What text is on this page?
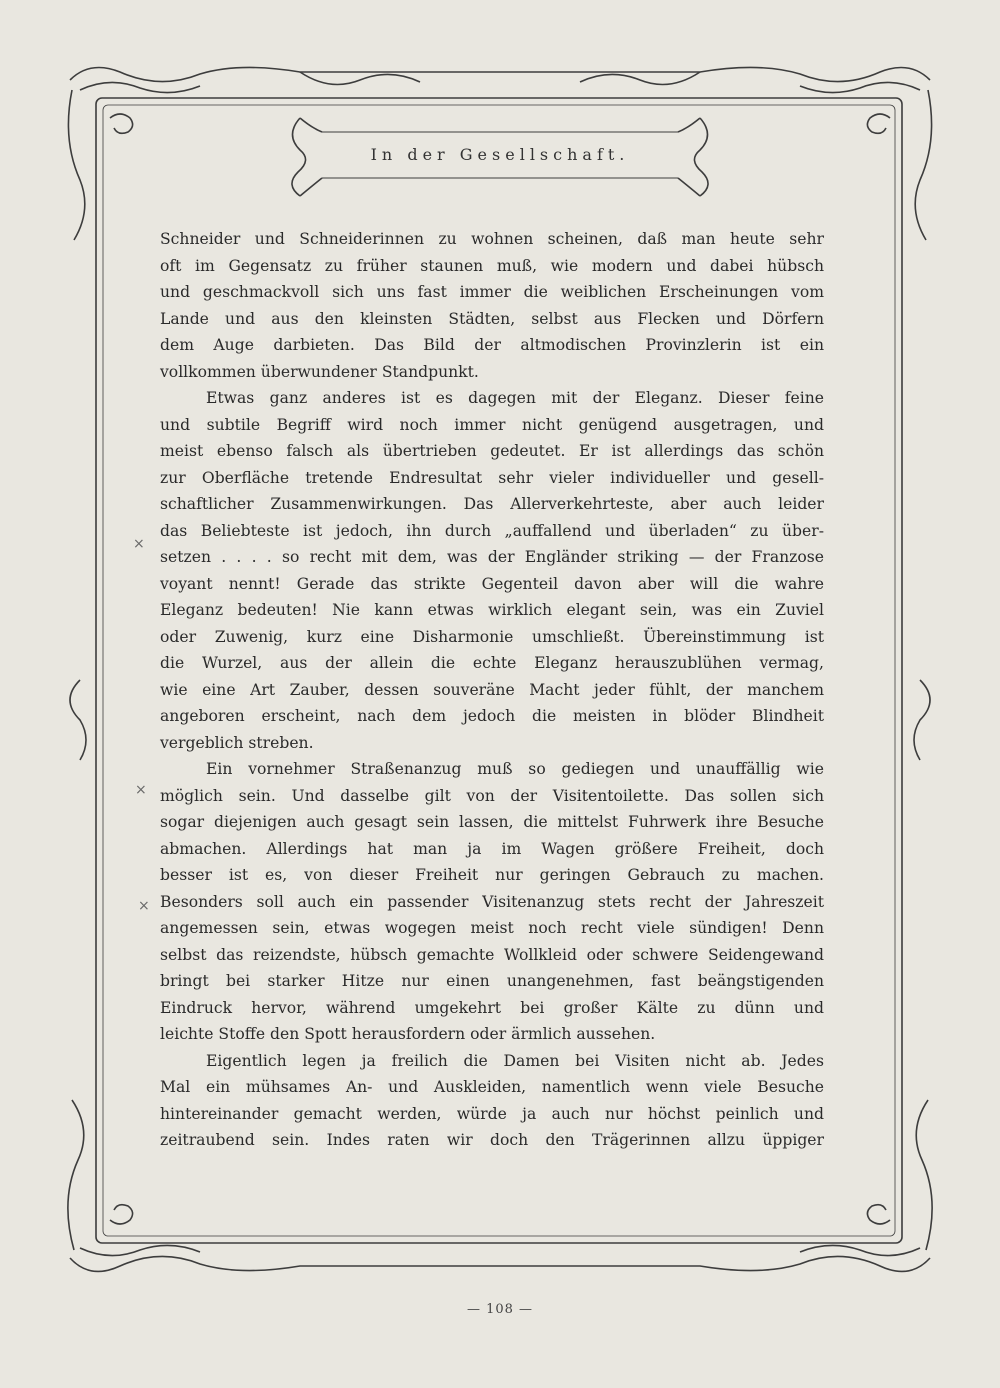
In der Gesellschaft.
Schneider und Schneiderinnen zu wohnen scheinen, daß man heute sehr
oft im Gegensatz zu früher staunen muß, wie modern und dabei hübsch
und geschmackvoll sich uns fast immer die weiblichen Erscheinungen vom
Lande und aus den kleinsten Städten, selbst aus Flecken und Dörfern
dem Auge darbieten. Das Bild der altmodischen Provinzlerin ist ein
vollkommen überwundener Standpunkt.
Etwas ganz anderes ist es dagegen mit der Eleganz. Dieser feine
und subtile Begriff wird noch immer nicht genügend ausgetragen, und
meist ebenso falsch als übertrieben gedeutet. Er ist allerdings das schön
zur Oberfläche tretende Endresultat sehr vieler individueller und gesell-
schaftlicher Zusammenwirkungen. Das Allerverkehrteste, aber auch leider
das Beliebteste ist jedoch, ihn durch „auffallend und überladen“ zu über-
setzen . . . . so recht mit dem, was der Engländer striking — der Franzose
voyant nennt! Gerade das strikte Gegenteil davon aber will die wahre
Eleganz bedeuten! Nie kann etwas wirklich elegant sein, was ein Zuviel
oder Zuwenig, kurz eine Disharmonie umschließt. Übereinstimmung ist
die Wurzel, aus der allein die echte Eleganz herauszublühen vermag,
wie eine Art Zauber, dessen souveräne Macht jeder fühlt, der manchem
angeboren erscheint, nach dem jedoch die meisten in blöder Blindheit
vergeblich streben.
Ein vornehmer Straßenanzug muß so gediegen und unauffällig wie
möglich sein. Und dasselbe gilt von der Visitentoilette. Das sollen sich
sogar diejenigen auch gesagt sein lassen, die mittelst Fuhrwerk ihre Besuche
abmachen. Allerdings hat man ja im Wagen größere Freiheit, doch
besser ist es, von dieser Freiheit nur geringen Gebrauch zu machen.
Besonders soll auch ein passender Visitenanzug stets recht der Jahreszeit
angemessen sein, etwas wogegen meist noch recht viele sündigen! Denn
selbst das reizendste, hübsch gemachte Wollkleid oder schwere Seidengewand
bringt bei starker Hitze nur einen unangenehmen, fast beängstigenden
Eindruck hervor, während umgekehrt bei großer Kälte zu dünn und
leichte Stoffe den Spott herausfordern oder ärmlich aussehen.
Eigentlich legen ja freilich die Damen bei Visiten nicht ab. Jedes
Mal ein mühsames An- und Auskleiden, namentlich wenn viele Besuche
hintereinander gemacht werden, würde ja auch nur höchst peinlich und
zeitraubend sein. Indes raten wir doch den Trägerinnen allzu üppiger
×
×
×
— 108 —
